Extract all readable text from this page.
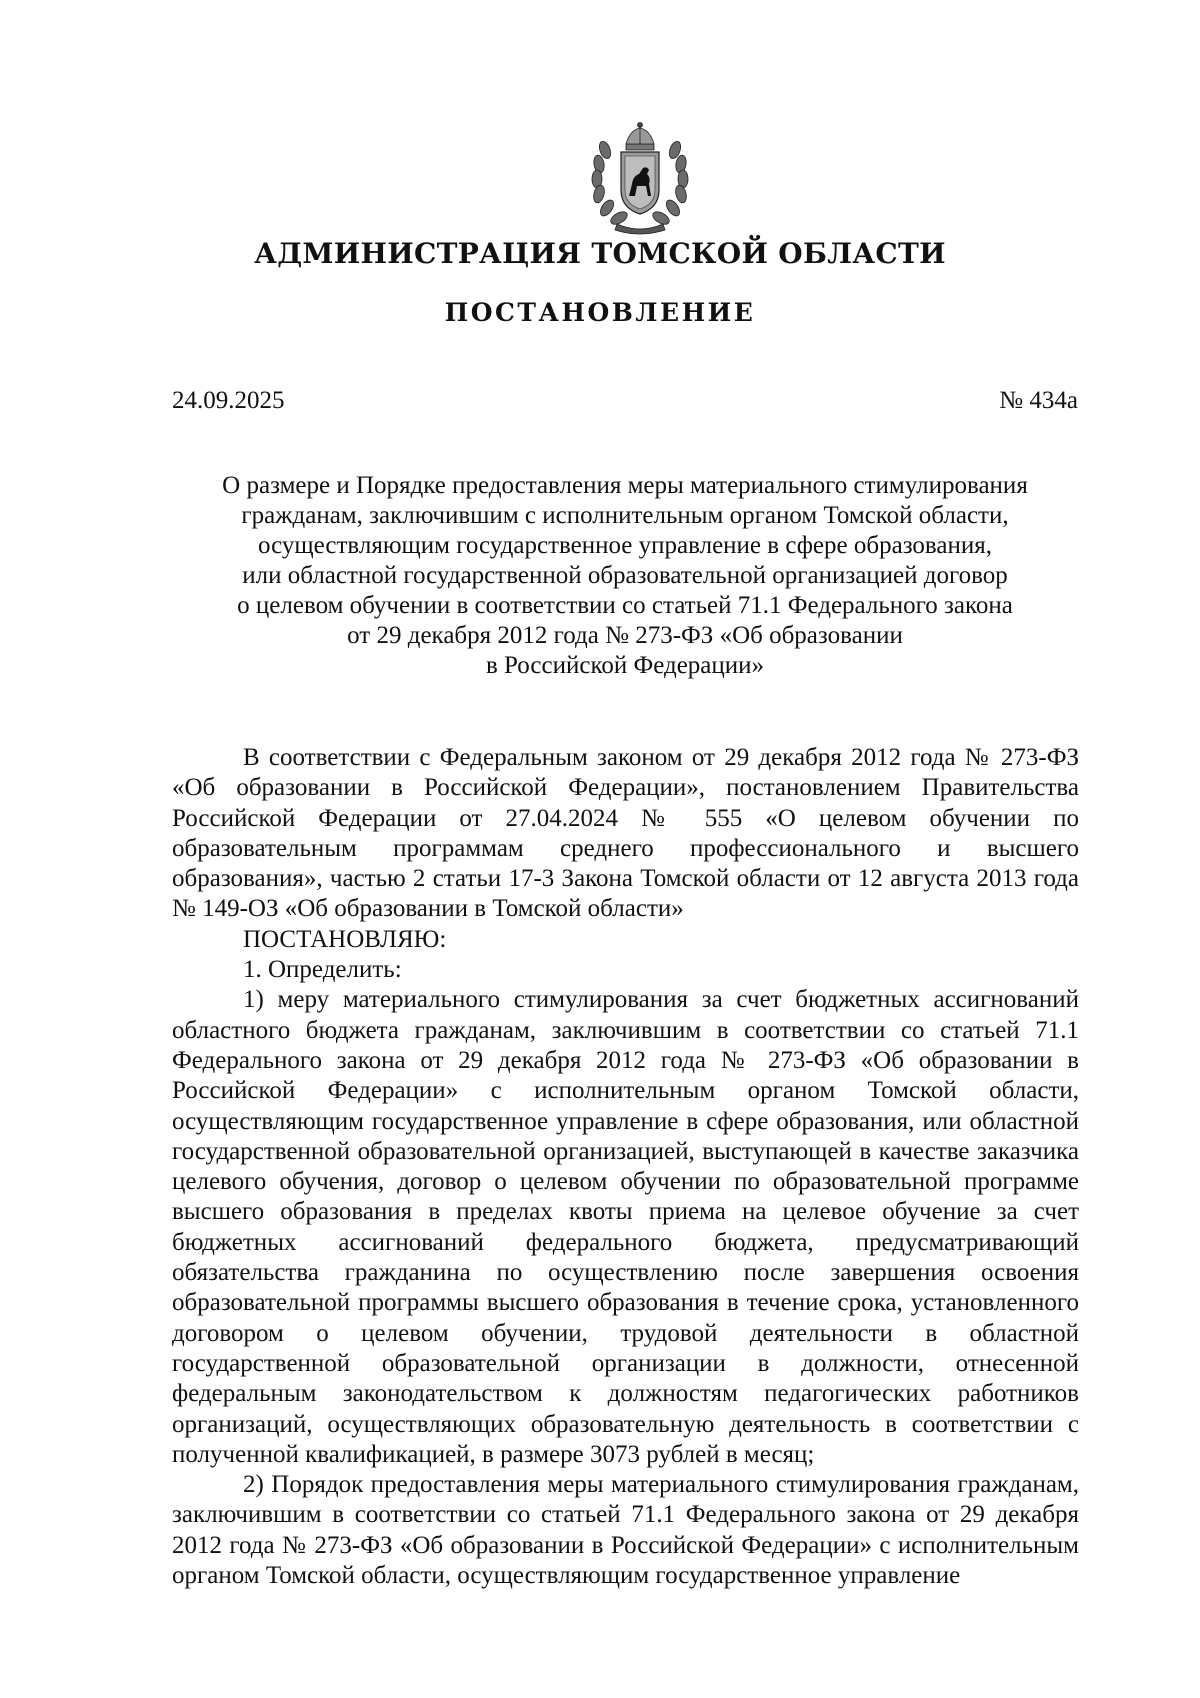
АДМИНИСТРАЦИЯ ТОМСКОЙ ОБЛАСТИ
ПОСТАНОВЛЕНИЕ
24.09.2025	№ 434а
О размере и Порядке предоставления меры материального стимулирования
гражданам, заключившим с исполнительным органом Томской области,
осуществляющим государственное управление в сфере образования,
или областной государственной образовательной организацией договор
о целевом обучении в соответствии со статьей 71.1 Федерального закона
от 29 декабря 2012 года № 273-ФЗ «Об образовании
в Российской Федерации»

В соответствии с Федеральным законом от 29 декабря 2012 года № 273-ФЗ «Об образовании в Российской Федерации», постановлением Правительства Российской Федерации от 27.04.2024 № 555 «О целевом обучении по образовательным программам среднего профессионального и высшего образования», частью 2 статьи 17-3 Закона Томской области от 12 августа 2013 года № 149-ОЗ «Об образовании в Томской области»

ПОСТАНОВЛЯЮ:

1. Определить:

1) меру материального стимулирования за счет бюджетных ассигнований областного бюджета гражданам, заключившим в соответствии со статьей 71.1 Федерального закона от 29 декабря 2012 года № 273-ФЗ «Об образовании в Российской Федерации» с исполнительным органом Томской области, осуществляющим государственное управление в сфере образования, или областной государственной образовательной организацией, выступающей в качестве заказчика целевого обучения, договор о целевом обучении по образовательной программе высшего образования в пределах квоты приема на целевое обучение за счет бюджетных ассигнований федерального бюджета, предусматривающий обязательства гражданина по осуществлению после завершения освоения образовательной программы высшего образования в течение срока, установленного договором о целевом обучении, трудовой деятельности в областной государственной образовательной организации в должности, отнесенной федеральным законодательством к должностям педагогических работников организаций, осуществляющих образовательную деятельность в соответствии с полученной квалификацией, в размере 3073 рублей в месяц;

2) Порядок предоставления меры материального стимулирования гражданам, заключившим в соответствии со статьей 71.1 Федерального закона от 29 декабря 2012 года № 273-ФЗ «Об образовании в Российской Федерации» с исполнительным органом Томской области, осуществляющим государственное управление
